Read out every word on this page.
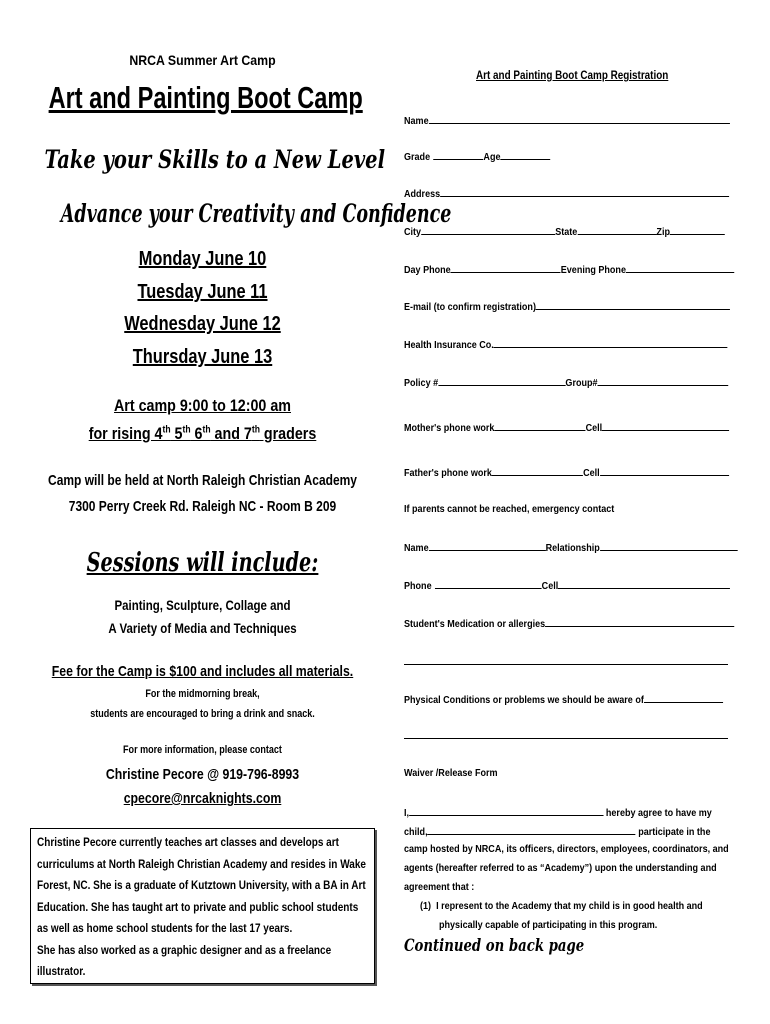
NRCA Summer Art Camp
Art and Painting Boot Camp
Take your Skills to a New Level
Advance your Creativity and Confidence
Monday June 10
Tuesday June 11
Wednesday June 12
Thursday June 13
Art camp 9:00 to 12:00 am
for rising 4th 5th 6th and 7th graders
Camp will be held at North Raleigh Christian Academy
7300 Perry Creek Rd. Raleigh NC - Room B 209
Sessions will include:
Painting, Sculpture, Collage and
A Variety of Media and Techniques
Fee for the Camp is $100 and includes all materials.
For the midmorning break,
students are encouraged to bring a drink and snack.
For more information, please contact
Christine Pecore @ 919-796-8993
cpecore@nrcaknights.com
Christine Pecore currently teaches art classes and develops art
curriculums at North Raleigh Christian Academy and resides in Wake
Forest, NC. She is a graduate of Kutztown University, with a BA in Art
Education. She has taught art to private and public school students
as well as home school students for the last 17 years.
She has also worked as a graphic designer and as a freelance
illustrator.
Art and Painting Boot Camp Registration
Name
Grade	Age
Address
City	State	Zip
Day Phone	Evening Phone
E-mail (to confirm registration)
Health Insurance Co.
Policy #	Group#
Mother's phone work	Cell
Father's phone work	Cell
If parents cannot be reached, emergency contact
Name	Relationship
Phone	Cell
Student's Medication or allergies
Physical Conditions or problems we should be aware of
Waiver /Release Form
I,	hereby agree to have my
child,	participate in the
camp hosted by NRCA, its officers, directors, employees, coordinators, and
agents (hereafter referred to as “Academy”) upon the understanding and
agreement that :
(1) I represent to the Academy that my child is in good health and
physically capable of participating in this program.
Continued on back page
